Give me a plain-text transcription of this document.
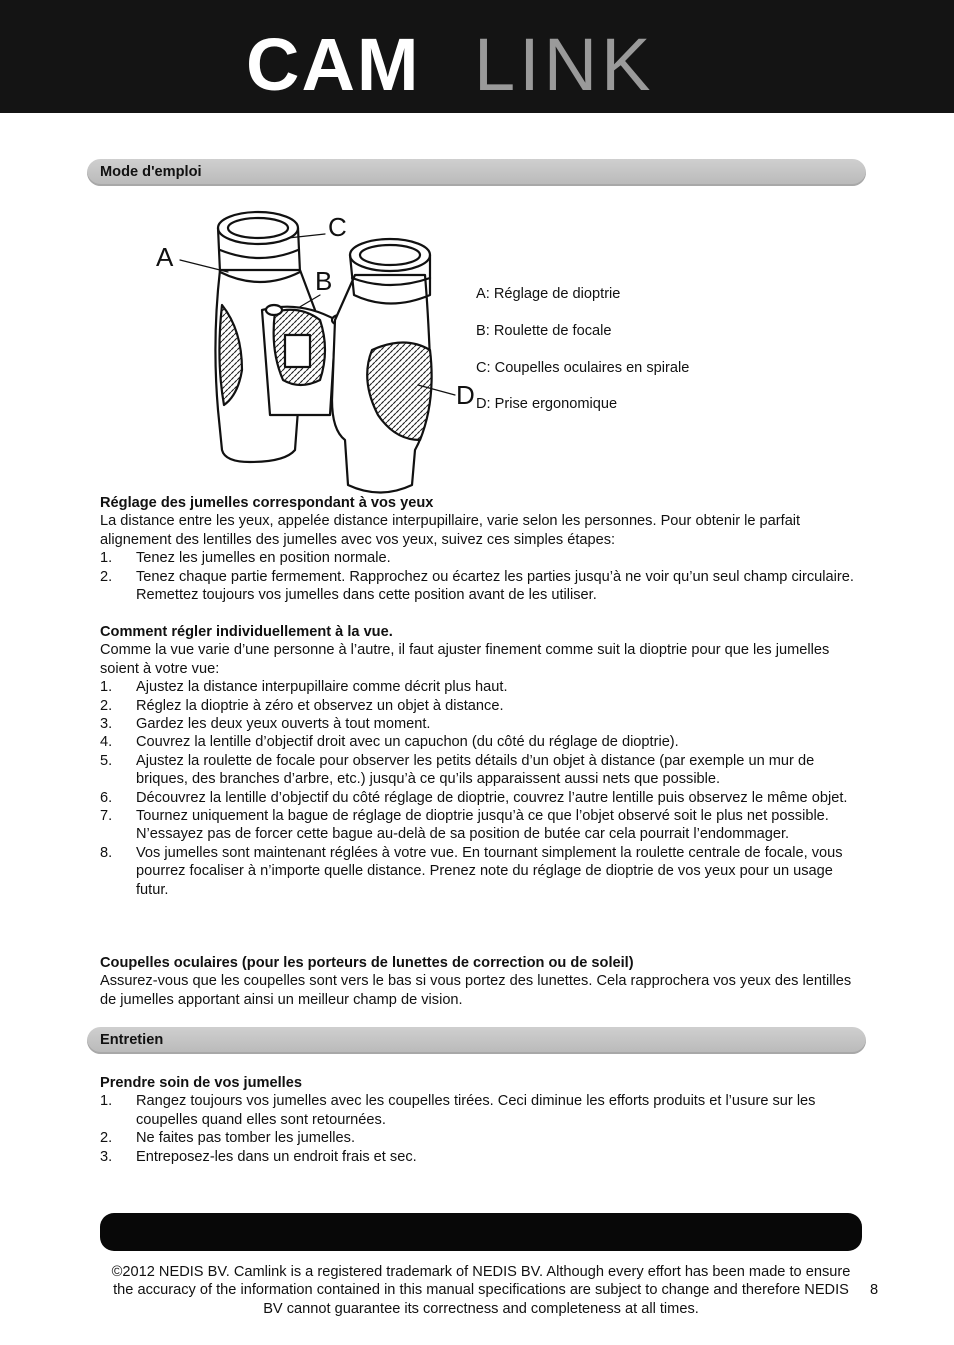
CAM LINK
Mode d'emploi
A
B
C
D
A: Réglage de dioptrie
B: Roulette de focale
C: Coupelles oculaires en spirale
D: Prise ergonomique
Réglage des jumelles correspondant à vos yeux

La distance entre les yeux, appelée distance interpupillaire, varie selon les personnes. Pour obtenir le parfait alignement des lentilles des jumelles avec vos yeux, suivez ces simples étapes:

1. Tenez les jumelles en position normale.
2. Tenez chaque partie fermement. Rapprochez ou écartez les parties jusqu’à ne voir qu’un seul champ circulaire. Remettez toujours vos jumelles dans cette position avant de les utiliser.
Comment régler individuellement à la vue.

Comme la vue varie d’une personne à l’autre, il faut ajuster finement comme suit la dioptrie pour que les jumelles soient à votre vue:

1. Ajustez la distance interpupillaire comme décrit plus haut.
2. Réglez la dioptrie à zéro et observez un objet à distance.
3. Gardez les deux yeux ouverts à tout moment.
4. Couvrez la lentille d’objectif droit avec un capuchon (du côté du réglage de dioptrie).
5. Ajustez la roulette de focale pour observer les petits détails d’un objet à distance (par exemple un mur de briques, des branches d’arbre, etc.) jusqu’à ce qu’ils apparaissent aussi nets que possible.
6. Découvrez la lentille d’objectif du côté réglage de dioptrie, couvrez l’autre lentille puis observez le même objet.
7. Tournez uniquement la bague de réglage de dioptrie jusqu’à ce que l’objet observé soit le plus net possible. N’essayez pas de forcer cette bague au-delà de sa position de butée car cela pourrait l’endommager.
8. Vos jumelles sont maintenant réglées à votre vue. En tournant simplement la roulette centrale de focale, vous pourrez focaliser à n’importe quelle distance. Prenez note du réglage de dioptrie de vos yeux pour un usage futur.
Coupelles oculaires (pour les porteurs de lunettes de correction ou de soleil)

Assurez-vous que les coupelles sont vers le bas si vous portez des lunettes. Cela rapprochera vos yeux des lentilles de jumelles apportant ainsi un meilleur champ de vision.

Entretien
Prendre soin de vos jumelles
1. Rangez toujours vos jumelles avec les coupelles tirées. Ceci diminue les efforts produits et l’usure sur les coupelles quand elles sont retournées.
2. Ne faites pas tomber les jumelles.
3. Entreposez-les dans un endroit frais et sec.
©2012 NEDIS BV. Camlink is a registered trademark of NEDIS BV. Although every effort has been made to ensure the accuracy of the information contained in this manual specifications are subject to change and therefore NEDIS BV cannot guarantee its correctness and completeness at all times.
8
